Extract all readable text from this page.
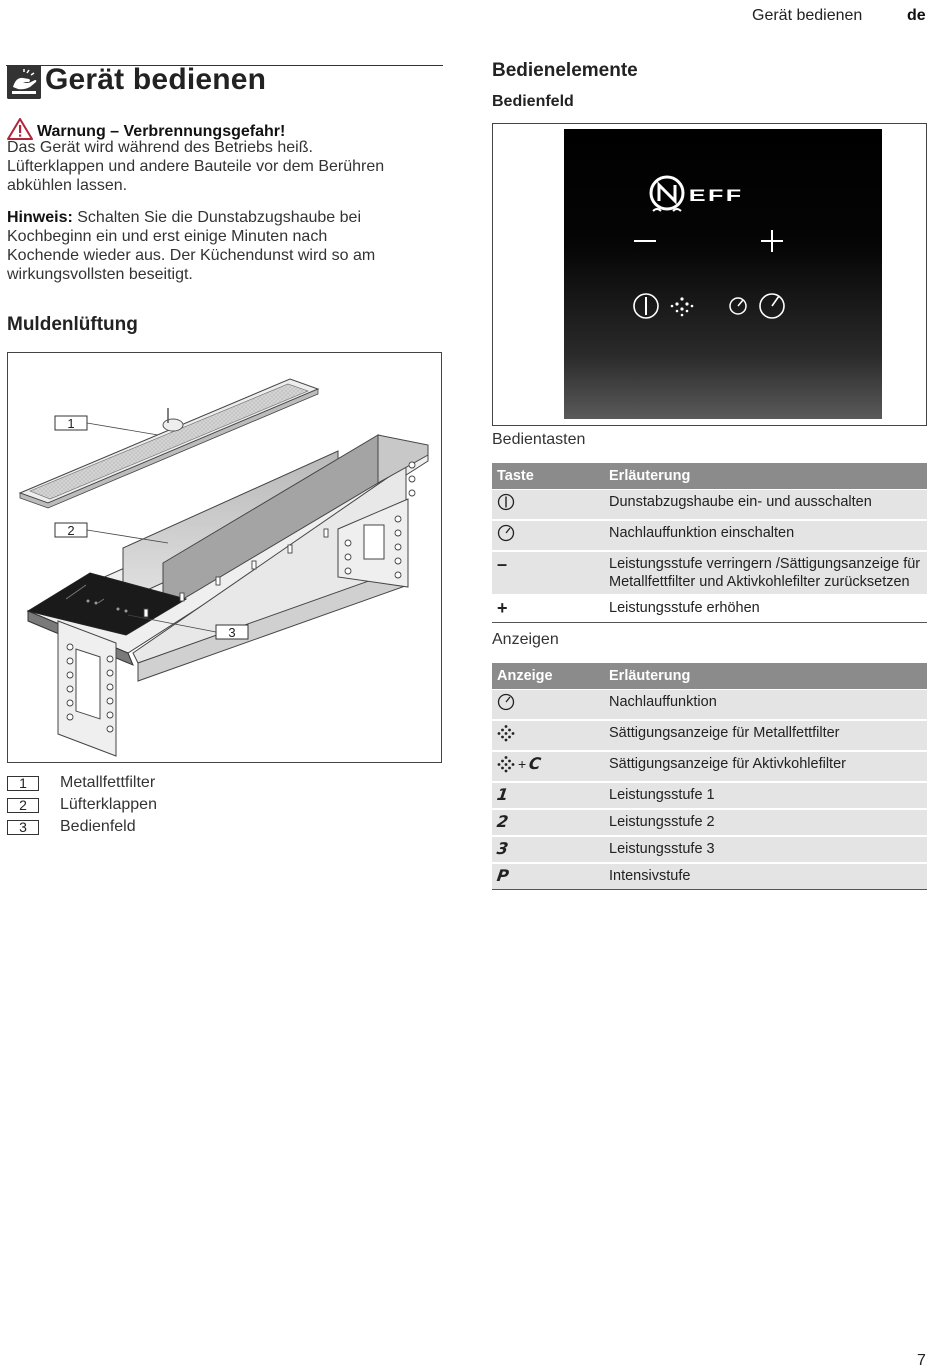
Gerät bedienen	de
Gerät bedienen
Warnung – Verbrennungsgefahr!
Das Gerät wird während des Betriebs heiß.
Lüfterklappen und andere Bauteile vor dem Berühren
abkühlen lassen.
Hinweis: Schalten Sie die Dunstabzugshaube bei
Kochbeginn ein und erst einige Minuten nach
Kochende wieder aus. Der Küchendunst wird so am
wirkungsvollsten beseitigt.
Muldenlüftung
1
2
3
1	Metallfettfilter
2	Lüfterklappen
3	Bedienfeld
Bedienelemente
Bedienfeld
EFF
Bedientasten
Taste	Erläuterung

	Dunstabzugshaube ein- und ausschalten

	Nachlauffunktion einschalten
–	Leistungsstufe verringern /Sättigungsanzeige für Metallfettfilter und Aktivkohlefilter zurücksetzen
+	Leistungsstufe erhöhen
Anzeigen
Anzeige	Erläuterung

	Nachlauffunktion

	Sättigungsanzeige für Metallfettfilter

+ C	Sättigungsanzeige für Aktivkohlefilter
1	Leistungsstufe 1
2	Leistungsstufe 2
3	Leistungsstufe 3
P	Intensivstufe
7
